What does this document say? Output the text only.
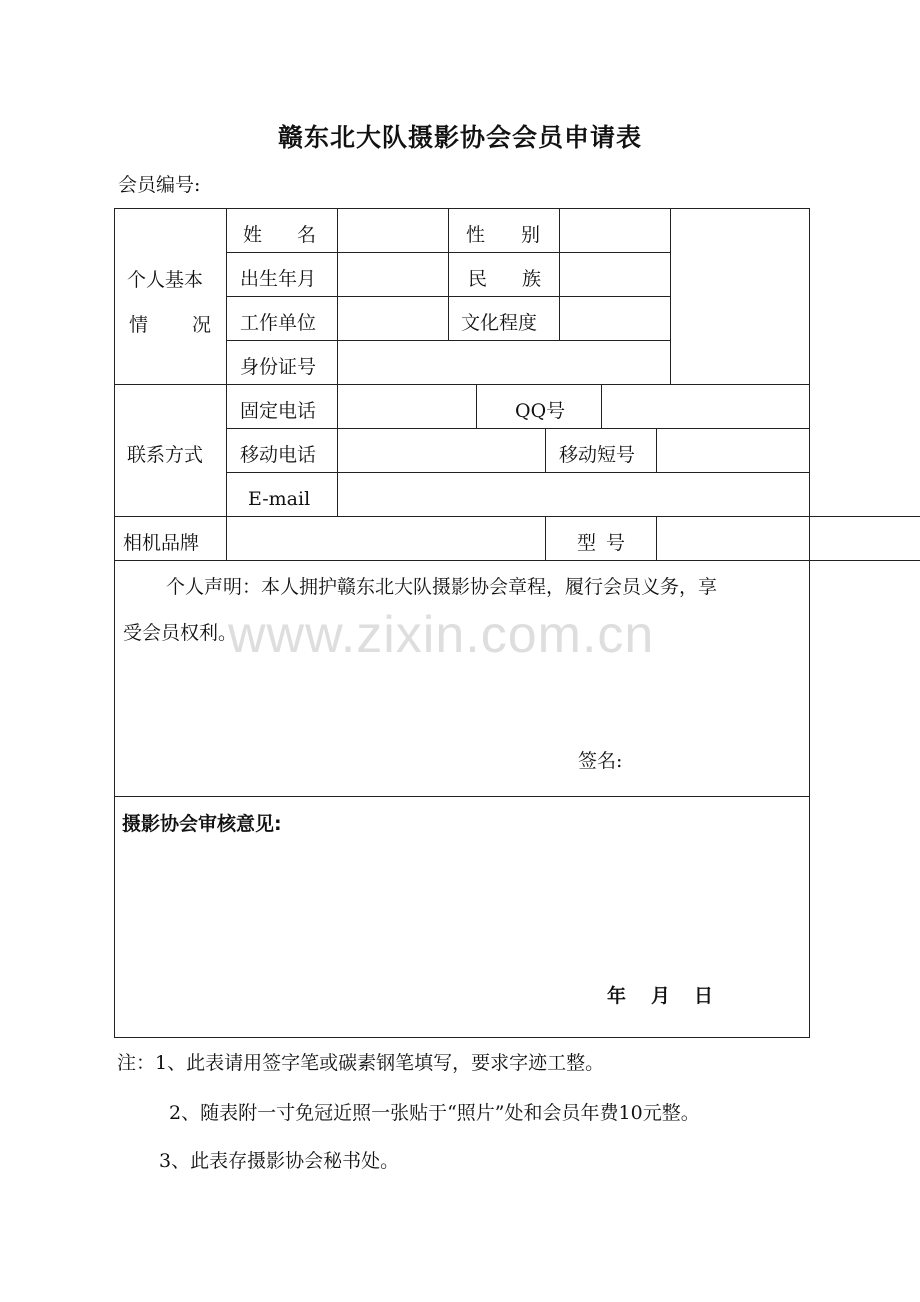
赣东北大队摄影协会会员申请表
会员编号:
个人基本
情 况
姓 名	性 别
出生年月	民 族
工作单位	文化程度
身份证号
联系方式
固定电话	QQ号
移动电话	移动短号
E-mail
相机品牌	型 号
个人声明：本人拥护赣东北大队摄影协会章程，履行会员义务，享
受会员权利。
签名:
www.zixin.com.cn
摄影协会审核意见:
年 月 日
注：1、此表请用签字笔或碳素钢笔填写，要求字迹工整。
2、随表附一寸免冠近照一张贴于“照片”处和会员年费10元整。
3、此表存摄影协会秘书处。
